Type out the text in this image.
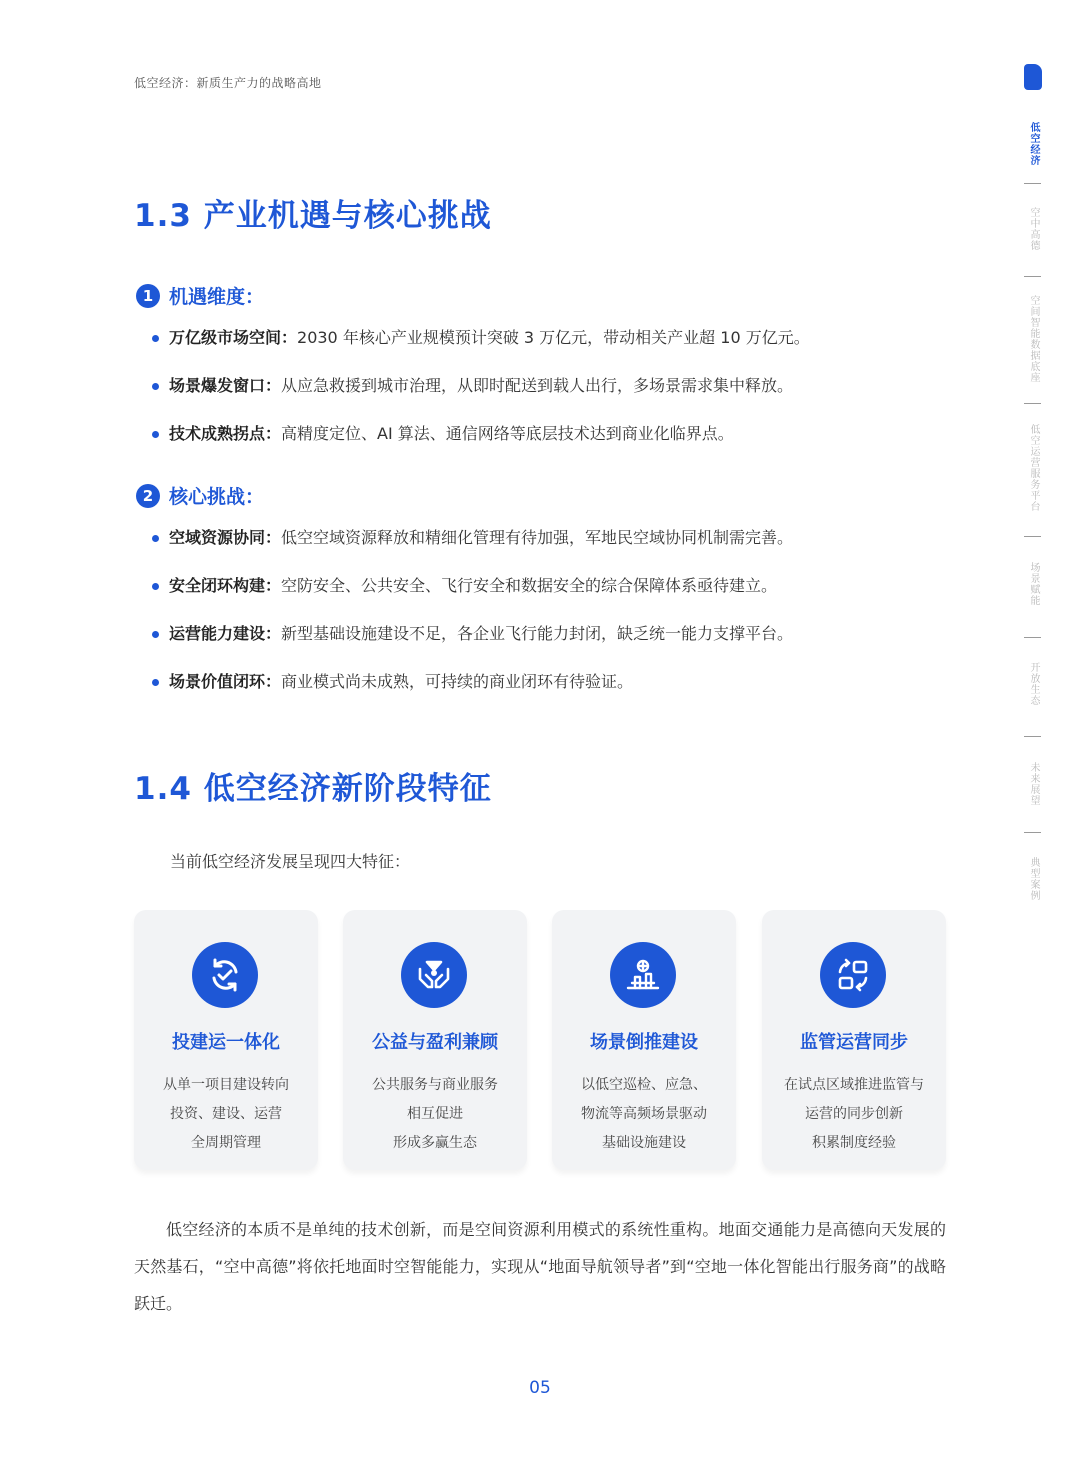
低空经济：新质生产力的战略高地
1.3 产业机遇与核心挑战
1 机遇维度：
万亿级市场空间： 2030 年核心产业规模预计突破 3 万亿元，带动相关产业超 10 万亿元。
场景爆发窗口： 从应急救援到城市治理，从即时配送到载人出行，多场景需求集中释放。
技术成熟拐点： 高精度定位、AI 算法、通信网络等底层技术达到商业化临界点。
2 核心挑战：
空域资源协同： 低空空域资源释放和精细化管理有待加强，军地民空域协同机制需完善。
安全闭环构建： 空防安全、公共安全、飞行安全和数据安全的综合保障体系亟待建立。
运营能力建设： 新型基础设施建设不足，各企业飞行能力封闭，缺乏统一能力支撑平台。
场景价值闭环： 商业模式尚未成熟，可持续的商业闭环有待验证。
1.4 低空经济新阶段特征
当前低空经济发展呈现四大特征：
投建运一体化
从单一项目建设转向
投资、建设、运营
全周期管理
公益与盈利兼顾
公共服务与商业服务
相互促进
形成多赢生态
场景倒推建设
以低空巡检、应急、
物流等高频场景驱动
基础设施建设
监管运营同步
在试点区域推进监管与
运营的同步创新
积累制度经验

低空经济的本质不是单纯的技术创新，而是空间资源利用模式的系统性重构。地面交通能力是高德向天发展的天然基石，“空中高德”将依托地面时空智能能力，实现从“地面导航领导者”到“空地一体化智能出行服务商”的战略跃迁。

05
低空经济
空中高德
空间智能数据底座
低空运营服务平台
场景赋能
开放生态
未来展望
典型案例
